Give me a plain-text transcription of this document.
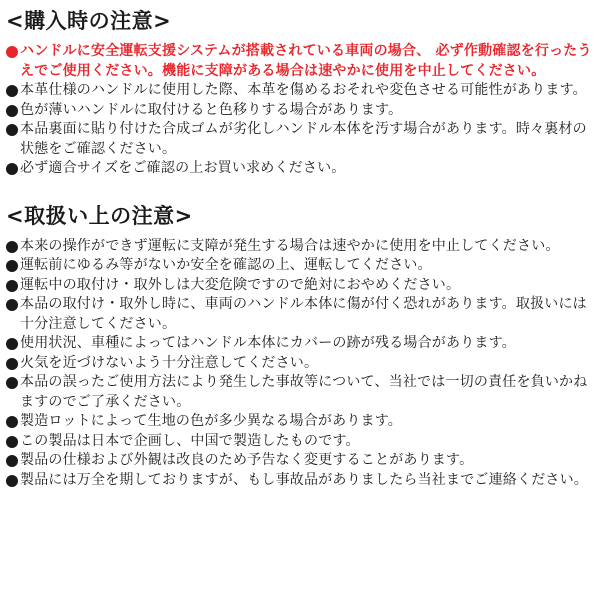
<購入時の注意>
ハンドルに安全運転支援システムが搭載されている車両の場合、 必ず作動確認を行ったうえでご使用ください。機能に支障がある場合は速やかに使用を中止してください。
本革仕様のハンドルに使用した際、本革を傷めるおそれや変色させる可能性があります。
色が薄いハンドルに取付けると色移りする場合があります。
本品裏面に貼り付けた合成ゴムが劣化しハンドル本体を汚す場合があります。時々裏材の状態をご確認ください。
必ず適合サイズをご確認の上お買い求めください。
<取扱い上の注意>
本来の操作ができず運転に支障が発生する場合は速やかに使用を中止してください。
運転前にゆるみ等がないか安全を確認の上、運転してください。
運転中の取付け・取外しは大変危険ですので絶対におやめください。
本品の取付け・取外し時に、車両のハンドル本体に傷が付く恐れがあります。取扱いには十分注意してください。
使用状況、車種によってはハンドル本体にカバーの跡が残る場合があります。
火気を近づけないよう十分注意してください。
本品の誤ったご使用方法により発生した事故等について、当社では一切の責任を負いかねますのでご了承ください。
製造ロットによって生地の色が多少異なる場合があります。
この製品は日本で企画し、中国で製造したものです。
製品の仕様および外観は改良のため予告なく変更することがあります。
製品には万全を期しておりますが、もし事故品がありましたら当社までご連絡ください。
